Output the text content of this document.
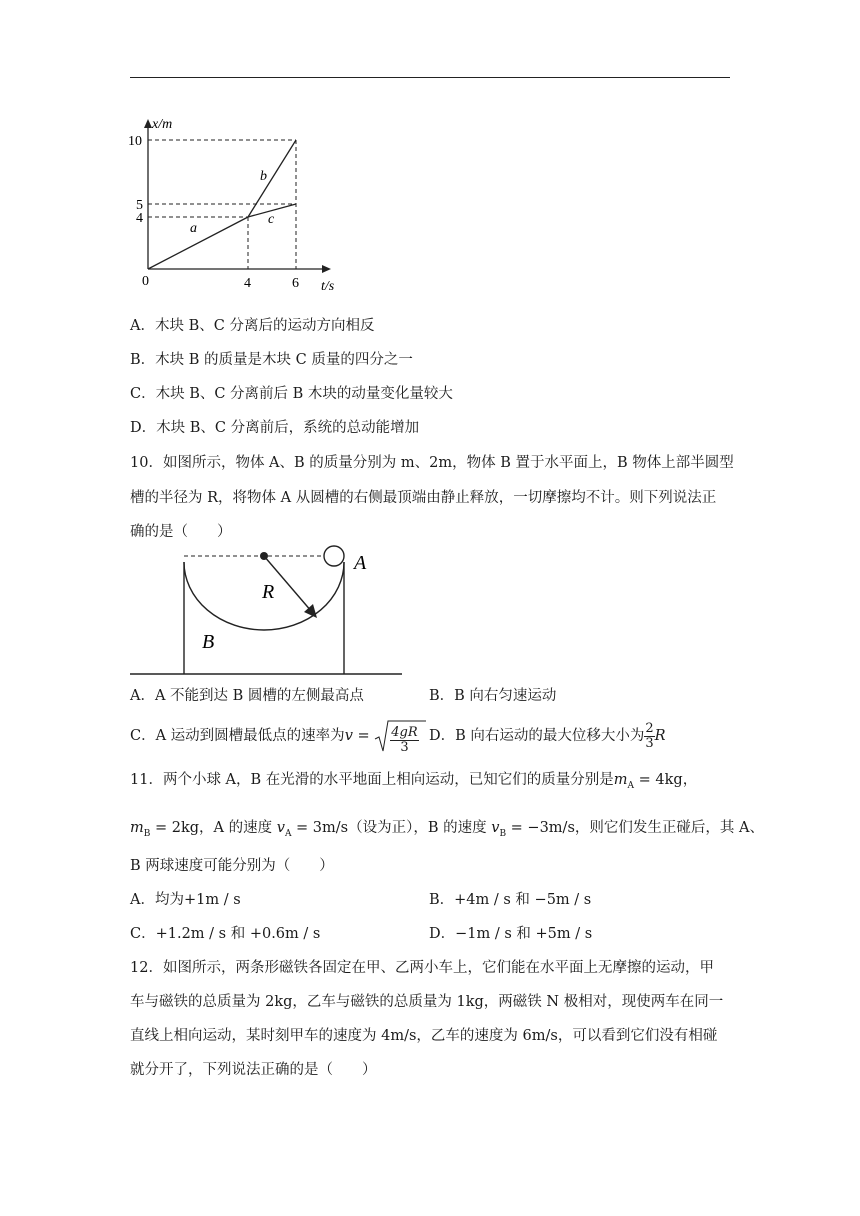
x/m
t/s
0
10
5
4
4	6
a
b
c
A．木块 B、C 分离后的运动方向相反
B．木块 B 的质量是木块 C 质量的四分之一
C．木块 B、C 分离前后 B 木块的动量变化量较大
D．木块 B、C 分离前后，系统的总动能增加
10．如图所示，物体 A、B 的质量分别为 m、2m，物体 B 置于水平面上，B 物体上部半圆型
槽的半径为 R，将物体 A 从圆槽的右侧最顶端由静止释放，一切摩擦均不计。则下列说法正
确的是（　　）
A
R
B
A．A 不能到达 B 圆槽的左侧最高点	B．B 向右匀速运动
C．A 运动到圆槽最低点的速率为$v = \frac{4gR}{3}$ D．B 向右运动的最大位移大小为 $\frac{2}{3}$ R
11．两个小球 A，B 在光滑的水平地面上相向运动，已知它们的质量分别是$m_A = 4kg$，
$m_B = 2kg$，A 的速度 $v_A = 3m/s$（设为正），B 的速度 $v_B = -3m/s$，则它们发生正碰后，其 A、
B 两球速度可能分别为（　　）
A．均为+1m / s	B．+4m / s 和 −5m / s
C．+1.2m / s 和 +0.6m / s	D．−1m / s 和 +5m / s
12．如图所示，两条形磁铁各固定在甲、乙两小车上，它们能在水平面上无摩擦的运动，甲
车与磁铁的总质量为 2kg，乙车与磁铁的总质量为 1kg，两磁铁 N 极相对，现使两车在同一
直线上相向运动，某时刻甲车的速度为 4m/s，乙车的速度为 6m/s，可以看到它们没有相碰
就分开了，下列说法正确的是（　　）
